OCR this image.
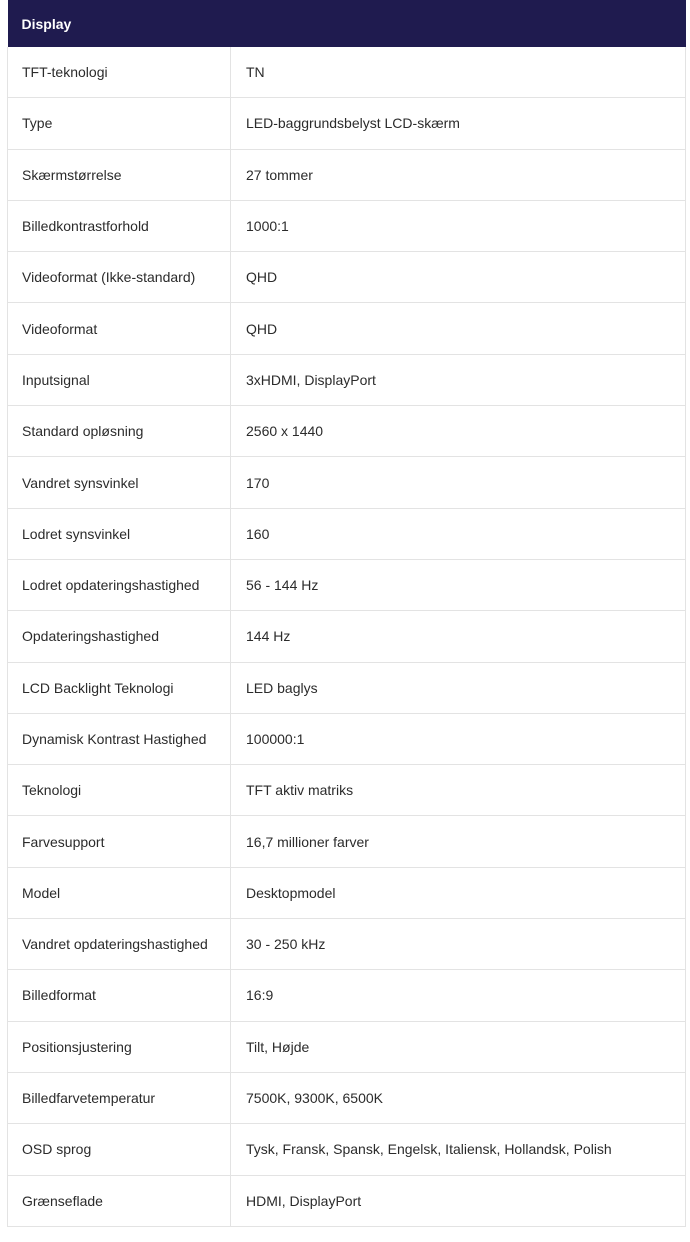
Display	
TFT-teknologi	TN
Type	LED-baggrundsbelyst LCD-skærm
Skærmstørrelse	27 tommer
Billedkontrastforhold	1000:1
Videoformat (Ikke-standard)	QHD
Videoformat	QHD
Inputsignal	3xHDMI, DisplayPort
Standard opløsning	2560 x 1440
Vandret synsvinkel	170
Lodret synsvinkel	160
Lodret opdateringshastighed	56 - 144 Hz
Opdateringshastighed	144 Hz
LCD Backlight Teknologi	LED baglys
Dynamisk Kontrast Hastighed	100000:1
Teknologi	TFT aktiv matriks
Farvesupport	16,7 millioner farver
Model	Desktopmodel
Vandret opdateringshastighed	30 - 250 kHz
Billedformat	16:9
Positionsjustering	Tilt, Højde
Billedfarvetemperatur	7500K, 9300K, 6500K
OSD sprog	Tysk, Fransk, Spansk, Engelsk, Italiensk, Hollandsk, Polish
Grænseflade	HDMI, DisplayPort
